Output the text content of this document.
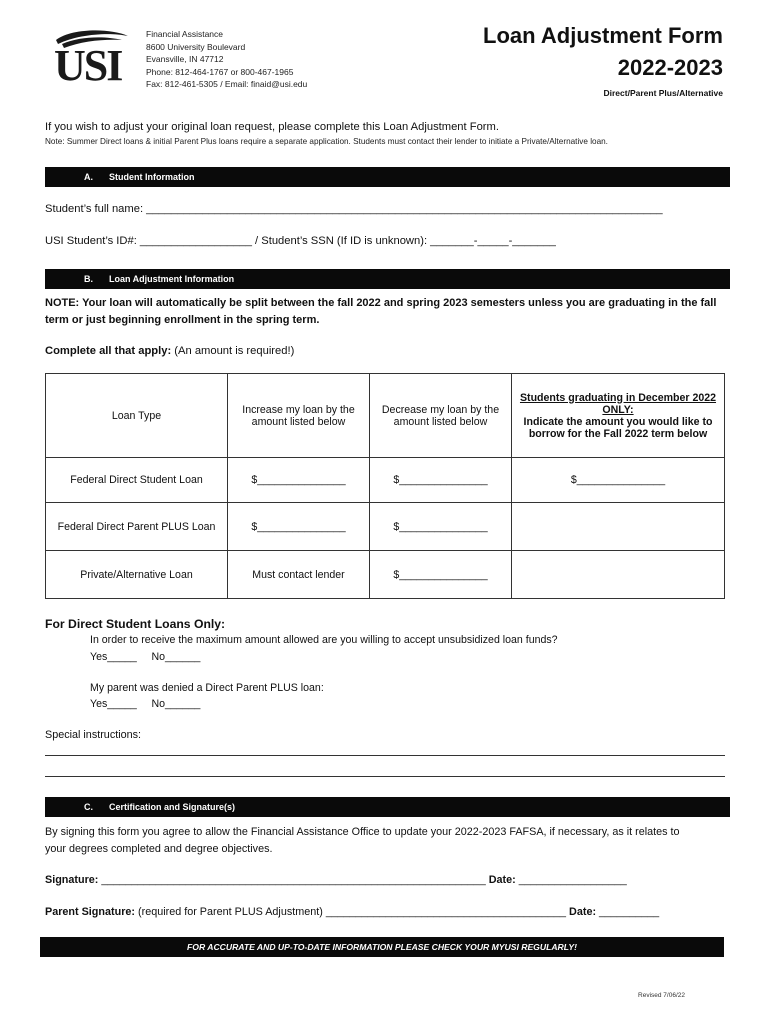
USI
Financial Assistance
8600 University Boulevard
Evansville, IN 47712
Phone: 812-464-1767 or 800-467-1965
Fax: 812-461-5305 / Email: finaid@usi.edu
Loan Adjustment Form
2022-2023
Direct/Parent Plus/Alternative
If you wish to adjust your original loan request, please complete this Loan Adjustment Form.
Note: Summer Direct loans & initial Parent Plus loans require a separate application. Students must contact their lender to initiate a Private/Alternative loan.
A.	Student Information
Student’s full name: ___________________________________________________________________________________
USI Student’s ID#: __________________ / Student’s SSN (If ID is unknown): _______-_____-_______
B.	Loan Adjustment Information
NOTE: Your loan will automatically be split between the fall 2022 and spring 2023 semesters unless you are graduating in the fall
term or just beginning enrollment in the spring term.
Complete all that apply: (An amount is required!)
Loan Type	Increase my loan by the amount listed below	Decrease my loan by the amount listed below	Students graduating in December 2022 ONLY:
Indicate the amount you would like to borrow for the Fall 2022 term below
Federal Direct Student Loan	$_______________	$_______________	$_______________
Federal Direct Parent PLUS Loan	$_______________	$_______________	
Private/Alternative Loan	Must contact lender	$_______________	
For Direct Student Loans Only:
In order to receive the maximum amount allowed are you willing to accept unsubsidized loan funds?
Yes_____     No______
My parent was denied a Direct Parent PLUS loan:
Yes_____     No______
Special instructions:
C.	Certification and Signature(s)
By signing this form you agree to allow the Financial Assistance Office to update your 2022-2023 FAFSA, if necessary, as it relates to
your degrees completed and degree objectives.
Signature: ________________________________________________________________ Date: __________________
Parent Signature: (required for Parent PLUS Adjustment) ________________________________________ Date: __________
FOR ACCURATE AND UP-TO-DATE INFORMATION PLEASE CHECK YOUR MYUSI REGULARLY!
Revised 7/06/22
